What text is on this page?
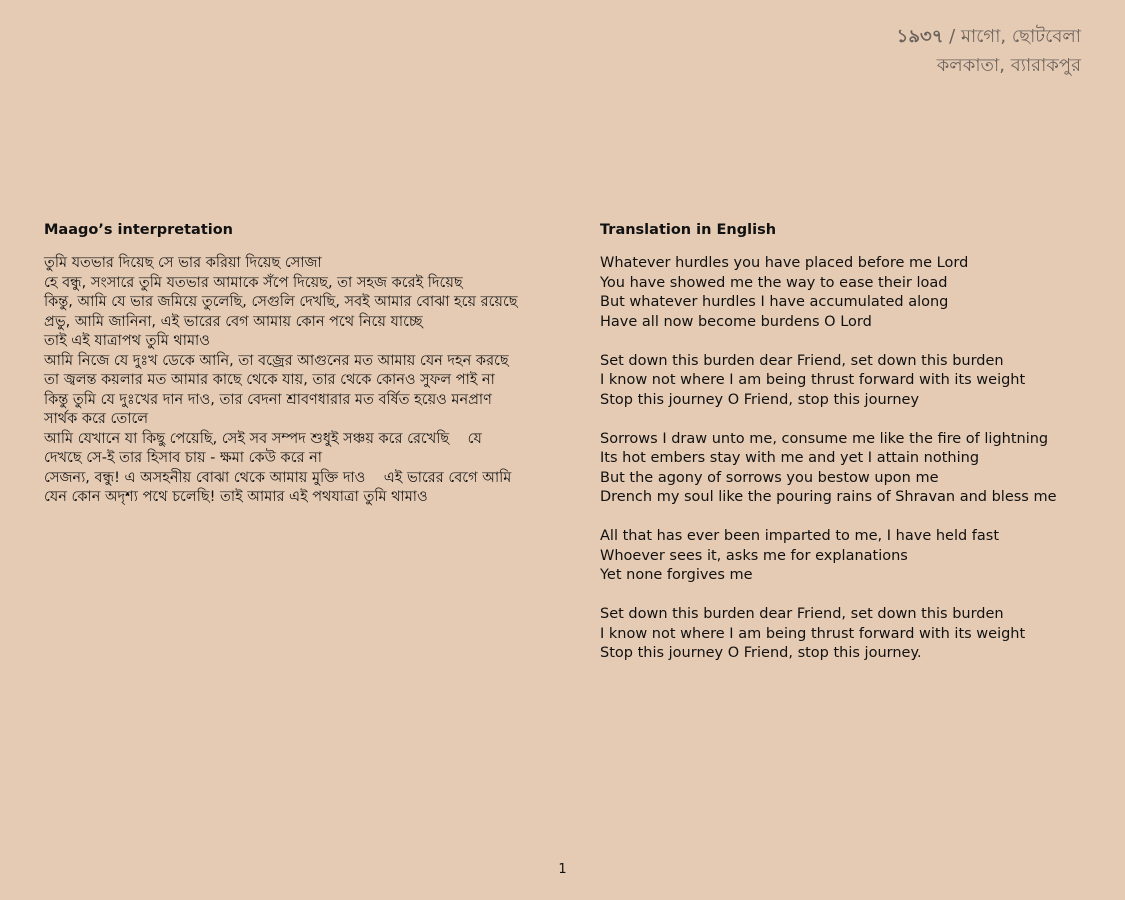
১৯৩৭ / মাগো, ছোটবেলা
কলকাতা, ব্যারাকপুর
Maago’s interpretation
তুমি যতভার দিয়েছ সে ভার করিয়া দিয়েছ সোজা
হে বন্ধু, সংসারে তুমি যতভার আমাকে সঁপে দিয়েছ, তা সহজ করেই দিয়েছ
কিন্তু, আমি যে ভার জমিয়ে তুলেছি, সেগুলি দেখছি, সবই আমার বোঝা হয়ে রয়েছে
প্রভু, আমি জানিনা, এই ভারের বেগ আমায় কোন পথে নিয়ে যাচ্ছে
তাই এই যাত্রাপথ তুমি থামাও
আমি নিজে যে দুঃখ ডেকে আনি, তা বজ্রের আগুনের মত আমায় যেন দহন করছে
তা জ্বলন্ত কয়লার মত আমার কাছে থেকে যায়, তার থেকে কোনও সুফল পাই না
কিন্তু তুমি যে দুঃখের দান দাও, তার বেদনা শ্রাবণধারার মত বর্ষিত হয়েও মনপ্রাণ সার্থক করে তোলে
আমি যেখানে যা কিছু পেয়েছি, সেই সব সম্পদ শুধুই সঞ্চয় করে রেখেছি    যে দেখছে সে-ই তার হিসাব চায় - ক্ষমা কেউ করে না
সেজন্য, বন্ধু! এ অসহনীয় বোঝা থেকে আমায় মুক্তি দাও    এই ভারের বেগে আমি যেন কোন অদৃশ্য পথে চলেছি! তাই আমার এই পথযাত্রা তুমি থামাও
Translation in English
Whatever hurdles you have placed before me Lord
You have showed me the way to ease their load
But whatever hurdles I have accumulated along
Have all now become burdens O Lord
Set down this burden dear Friend, set down this burden
I know not where I am being thrust forward with its weight
Stop this journey O Friend, stop this journey
Sorrows I draw unto me, consume me like the fire of lightning
Its hot embers stay with me and yet I attain nothing
But the agony of sorrows you bestow upon me
Drench my soul like the pouring rains of Shravan and bless me
All that has ever been imparted to me, I have held fast
Whoever sees it, asks me for explanations
Yet none forgives me
Set down this burden dear Friend, set down this burden
I know not where I am being thrust forward with its weight
Stop this journey O Friend, stop this journey.
1
